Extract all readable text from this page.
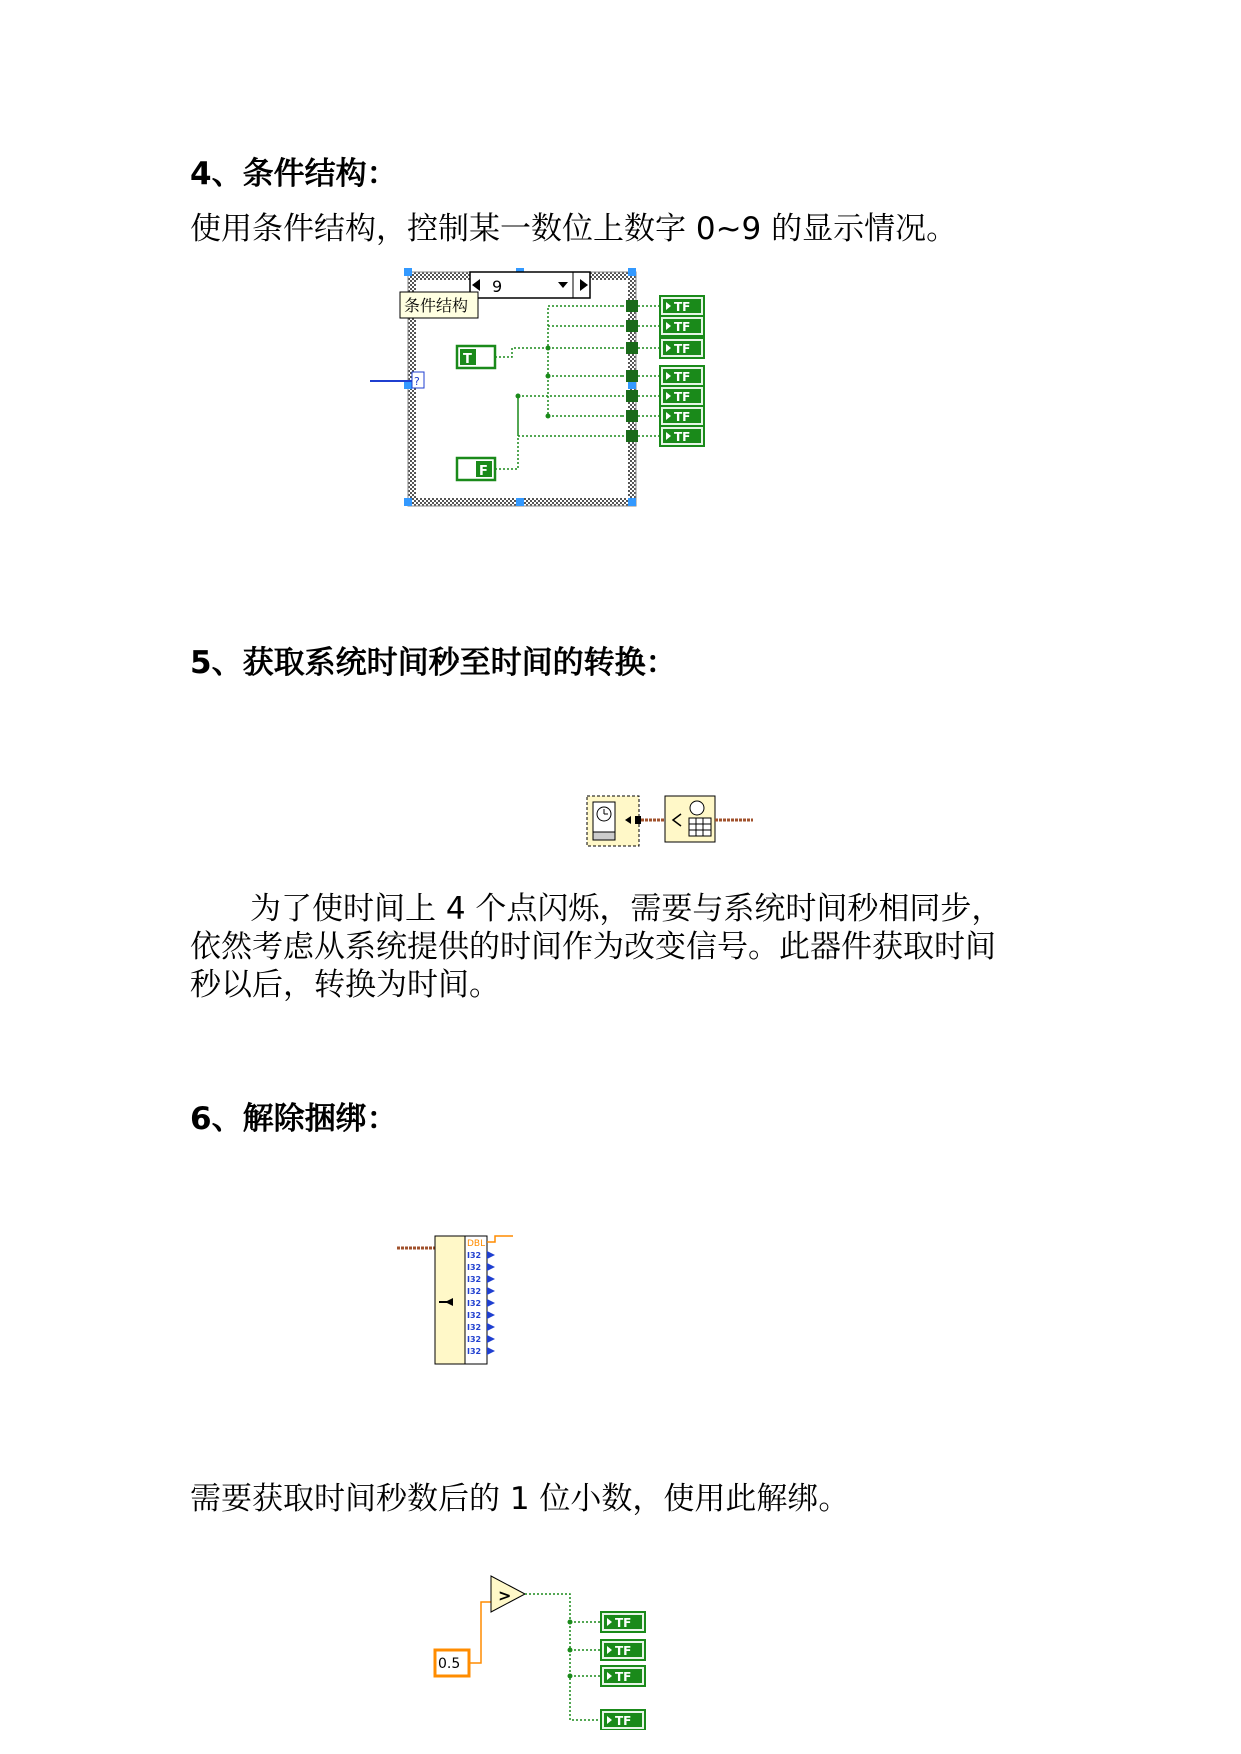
4、条件结构：

使用条件结构，控制某一数位上数字 0~9 的显示情况。

9
条件结构
?
T
F
TF
TF
TF
TF
TF
TF
TF
5、获取系统时间秒至时间的转换：
为了使时间上 4 个点闪烁，需要与系统时间秒相同步，
依然考虑从系统提供的时间作为改变信号。此器件获取时间
秒以后，转换为时间。
6、解除捆绑：
DBL
I32
I32
I32
I32
I32
I32
I32
I32
I32

需要获取时间秒数后的 1 位小数，使用此解绑。

0.5
>
TF
TF
TF
TF
